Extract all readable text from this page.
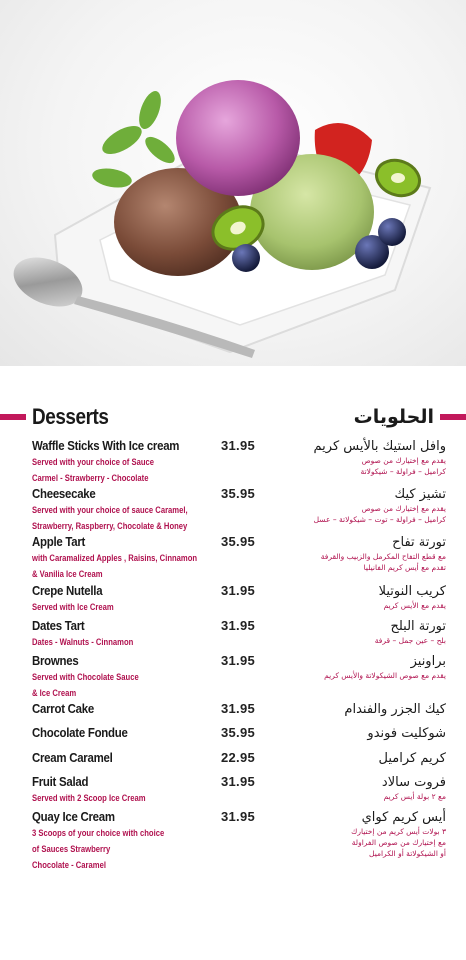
Desserts	الحلويات
Waffle Sticks With Ice cream
Served with your choice of Sauce
Carmel - Strawberry - Chocolate
31.95	وافل استيك بالأيس كريم
يقدم مع إختيارك من صوص
كراميل – فراولة – شيكولاتة
Cheesecake
Served with your choice of sauce Caramel,
Strawberry, Raspberry, Chocolate & Honey
35.95	تشيز كيك
يقدم مع إختيارك من صوص
كراميل – فراولة – توت – شيكولاتة – عسل
Apple Tart
with Caramalized Apples , Raisins, Cinnamon
& Vanilia Ice Cream
35.95	تورتة تفاح
مع قطع التفاح المكرمل والزبيب والقرفة
تقدم مع أيس كريم الفانيليا
Crepe Nutella
Served with Ice Cream
31.95	كريب النوتيلا
يقدم مع الأيس كريم
Dates Tart
Dates - Walnuts - Cinnamon
31.95	تورتة البلح
بلح – عين جمل – قرفة
Brownes
Served with Chocolate Sauce
& Ice Cream
31.95	براونيز
يقدم مع صوص الشيكولاتة والأيس كريم
Carrot Cake	31.95	كيك الجزر والفندام
Chocolate Fondue	35.95	شوكليت فوندو
Cream Caramel	22.95	كريم كراميل
Fruit Salad
Served with 2 Scoop Ice Cream
31.95	فروت سالاد
مع ٢ بولة أيس كريم
Quay Ice Cream
3 Scoops of your choice with choice
of Sauces Strawberry
Chocolate - Caramel
31.95	أيس كريم كواي
٣ بولات أيس كريم من إختيارك
مع إختيارك من صوص الفراولة
أو الشيكولاتة أو الكراميل
